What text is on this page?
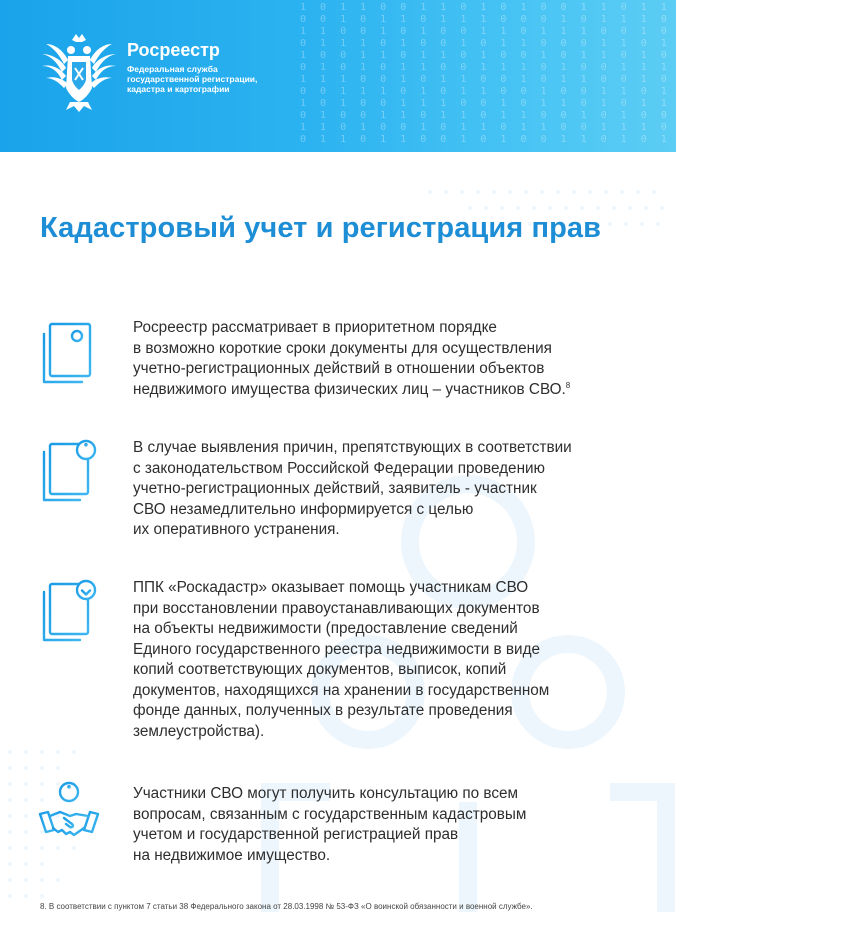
1 0 1 1 0 0 1 1 0 1 0 1 0 0 1 1 0 1 1 0 1 1 1 0 0 1 0 1
0 0 1 0 1 1 0 1 1 1 0 0 0 1 0 1 1 1 0 0 1 0 0 1 0 1 1 0
1 1 0 0 1 0 1 0 0 1 1 0 1 1 1 0 0 1 0 1 1 0 1 0 1 1 0 1
0 1 1 1 0 1 0 0 1 0 1 1 0 0 0 1 1 0 1 1 0 0 1 1 1 0 1 0
1 0 0 1 1 0 1 1 0 1 0 0 1 0 1 1 0 1 0 0 1 1 0 1 0 1 1 1
0 1 0 1 0 1 1 0 0 1 1 1 0 1 0 0 1 1 1 0 1 0 0 1 1 0 0 1
1 1 1 0 0 1 0 1 1 0 0 1 0 1 1 0 0 1 0 1 1 1 0 0 1 0 1 0
0 0 1 1 1 0 1 0 1 1 0 0 1 0 0 1 1 0 1 0 0 1 1 1 0 1 0 1
1 0 1 0 0 1 1 1 0 0 1 0 1 1 0 1 0 1 1 0 1 0 0 1 1 1 0 0
0 1 0 0 1 1 0 1 1 0 1 1 0 0 1 0 1 0 0 1 1 0 1 0 1 0 1 1
1 1 0 1 0 0 1 0 1 1 0 1 1 0 0 1 1 1 0 0 1 1 0 1 0 1 0 0
0 1 1 0 1 1 0 0 1 0 1 0 0 1 1 0 1 0 1 1 0 0 1 0 1 1 1 0
Росреестр
Федеральная служба государственной регистрации, кадастра и картографии
Кадастровый учет и регистрация прав

Росреестр рассматривает в приоритетном порядке
в возможно короткие сроки документы для осуществления
учетно-регистрационных действий в отношении объектов
недвижимого имущества физических лиц – участников СВО.$^8$

В случае выявления причин, препятствующих в соответствии
с законодательством Российской Федерации проведению
учетно-регистрационных действий, заявитель - участник
СВО незамедлительно информируется с целью
их оперативного устранения.

ППК «Роскадастр» оказывает помощь участникам СВО
при восстановлении правоустанавливающих документов
на объекты недвижимости (предоставление сведений
Единого государственного реестра недвижимости в виде
копий соответствующих документов, выписок, копий
документов, находящихся на хранении в государственном
фонде данных, полученных в результате проведения
землеустройства).

Участники СВО могут получить консультацию по всем
вопросам, связанным с государственным кадастровым
учетом и государственной регистрацией прав
на недвижимое имущество.

8. В соответствии с пунктом 7 статьи 38 Федерального закона от 28.03.1998 № 53-ФЗ «О воинской обязанности и военной службе».
